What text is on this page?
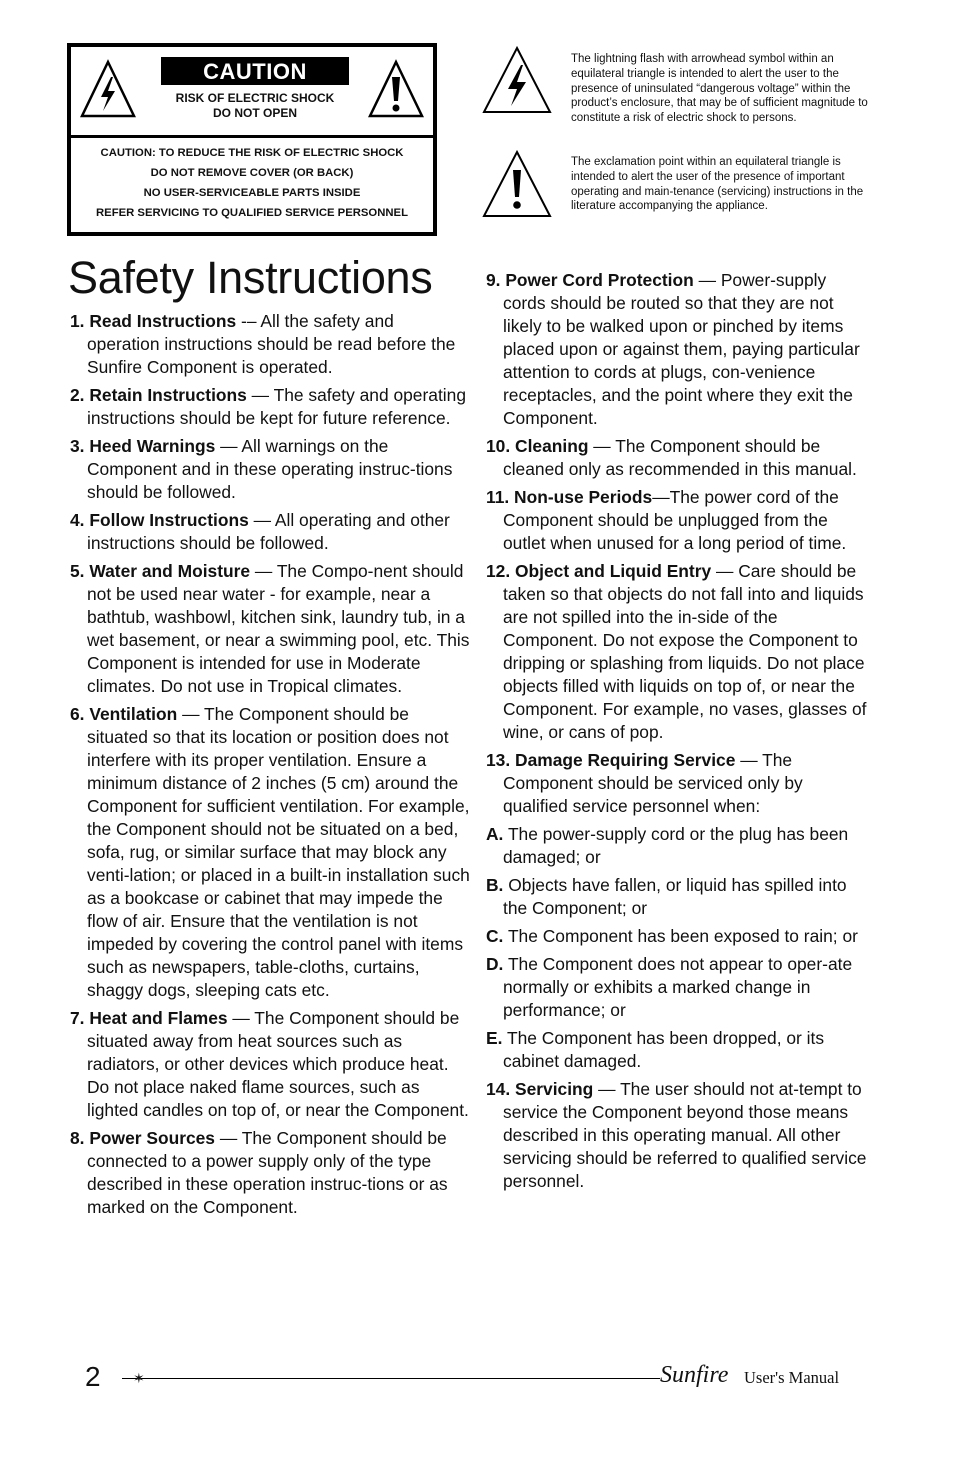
CAUTION
RISK OF ELECTRIC SHOCK
DO NOT OPEN
CAUTION: TO REDUCE THE RISK OF ELECTRIC SHOCK
DO NOT REMOVE COVER (OR BACK)
NO USER-SERVICEABLE PARTS INSIDE
REFER SERVICING TO QUALIFIED SERVICE PERSONNEL
The lightning flash with arrowhead symbol within an equilateral triangle is intended to alert the user to the presence of uninsulated “dangerous voltage” within the product’s enclosure, that may be of sufficient magnitude to constitute a risk of electric shock to persons.
The exclamation point within an equilateral triangle is intended to alert the user of the presence of important operating and main-tenance (servicing) instructions in the literature accompanying the appliance.
Safety Instructions

1. Read Instructions -– All the safety and operation instructions should be read before the Sunfire Component is operated.

2. Retain Instructions — The safety and operating instructions should be kept for future reference.

3. Heed Warnings — All warnings on the Component and in these operating instruc-tions should be followed.

4. Follow Instructions — All operating and other instructions should be followed.

5. Water and Moisture — The Compo-nent should not be used near water - for example, near a bathtub, washbowl, kitchen sink, laundry tub, in a wet basement, or near a swimming pool, etc. This Component is intended for use in Moderate climates. Do not use in Tropical climates.

6. Ventilation — The Component should be situated so that its location or position does not interfere with its proper ventilation. Ensure a minimum distance of 2 inches (5 cm) around the Component for sufficient ventilation. For example, the Component should not be situated on a bed, sofa, rug, or similar surface that may block any venti-lation; or placed in a built-in installation such as a bookcase or cabinet that may impede the flow of air. Ensure that the ventilation is not impeded by covering the control panel with items such as newspapers, table-cloths, curtains, shaggy dogs, sleeping cats etc.

7. Heat and Flames — The Component should be situated away from heat sources such as radiators, or other devices which produce heat. Do not place naked flame sources, such as lighted candles on top of, or near the Component.

8. Power Sources — The Component should be connected to a power supply only of the type described in these operation instruc-tions or as marked on the Component.

9. Power Cord Protection — Power-supply cords should be routed so that they are not likely to be walked upon or pinched by items placed upon or against them, paying particular attention to cords at plugs, con-venience receptacles, and the point where they exit the Component.

10. Cleaning — The Component should be cleaned only as recommended in this manual.

11. Non-use Periods—The power cord of the Component should be unplugged from the outlet when unused for a long period of time.

12. Object and Liquid Entry — Care should be taken so that objects do not fall into and liquids are not spilled into the in-side of the Component. Do not expose the Component to dripping or splashing from liquids. Do not place objects filled with liquids on top of, or near the Component. For example, no vases, glasses of wine, or cans of pop.

13. Damage Requiring Service — The Component should be serviced only by qualified service personnel when:

A. The power-supply cord or the plug has been damaged; or

B. Objects have fallen, or liquid has spilled into the Component; or

C. The Component has been exposed to rain; or

D. The Component does not appear to oper-ate normally or exhibits a marked change in performance; or

E. The Component has been dropped, or its cabinet damaged.

14. Servicing — The user should not at-tempt to service the Component beyond those means described in this operating manual. All other servicing should be referred to qualified service personnel.

2 ✶	Sunfire User's Manual
